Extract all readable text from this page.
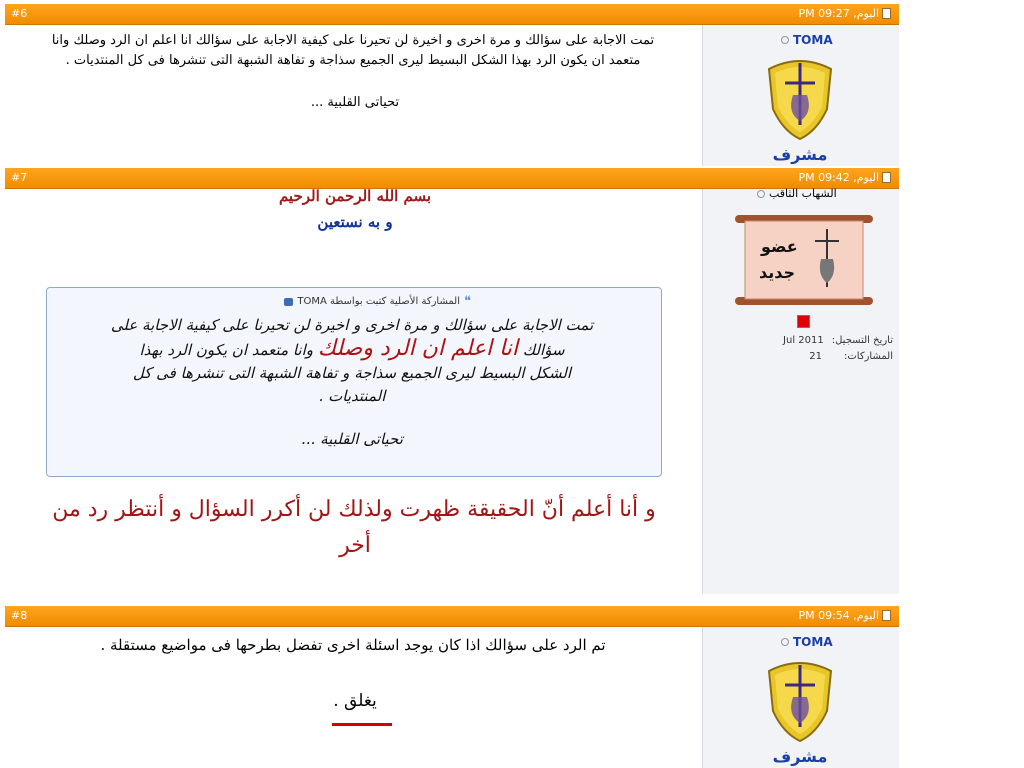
#6	اليوم, 09:27 PM
TOMA
مشرف
تمت الاجابة على سؤالك و مرة اخرى و اخيرة لن تحيرنا على كيفية الاجابة على سؤالك انا اعلم ان الرد وصلك وانا
متعمد ان يكون الرد بهذا الشكل البسيط ليرى الجميع سذاجة و تفاهة الشبهة التى تنشرها فى كل المنتديات .
تحياتى القلبية ...
#7	اليوم, 09:42 PM
الشهاب الثاقب
عضو
جديد
تاريخ التسجيل:
Jul 2011
المشاركات:
21
بسم الله الرحمن الرحيم
و به نستعين
❝
المشاركة الأصلية كتبت بواسطة TOMA
تمت الاجابة على سؤالك و مرة اخرى و اخيرة لن تحيرنا على كيفية الاجابة على
سؤالك انا اعلم ان الرد وصلك وانا متعمد ان يكون الرد بهذا
الشكل البسيط ليرى الجميع سذاجة و تفاهة الشبهة التى تنشرها فى كل
المنتديات .
تحياتى القلبية ...
و أنا أعلم أنّ الحقيقة ظهرت ولذلك لن أكرر السؤال و أنتظر رد من
أخر
#8	اليوم, 09:54 PM
TOMA
مشرف
تم الرد على سؤالك اذا كان يوجد اسئلة اخرى تفضل بطرحها فى مواضيع مستقلة .
يغلق .
